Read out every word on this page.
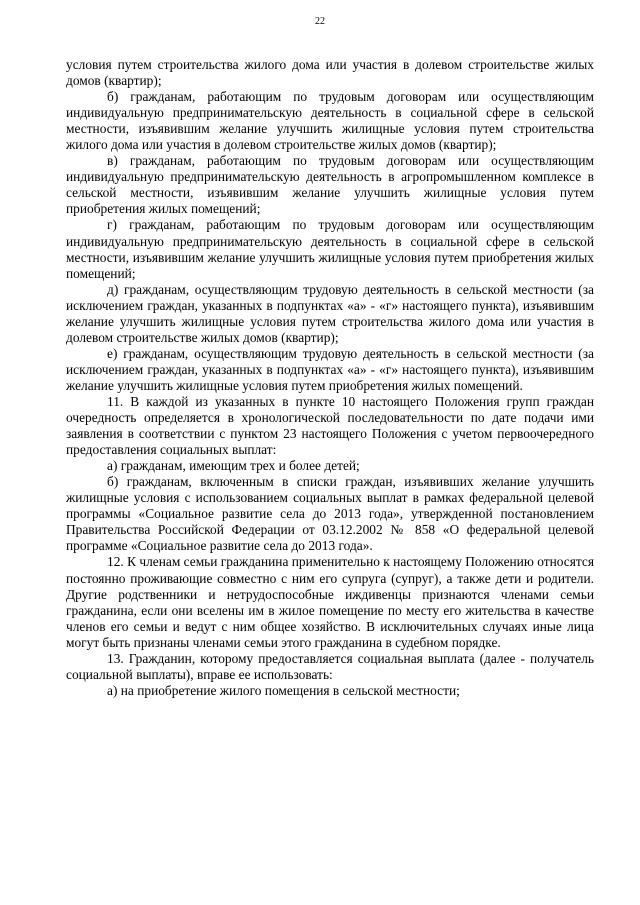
22

условия путем строительства жилого дома или участия в долевом строительстве жилых домов (квартир);

б) гражданам, работающим по трудовым договорам или осуществляющим индивидуальную предпринимательскую деятельность в социальной сфере в сельской местности, изъявившим желание улучшить жилищные условия путем строительства жилого дома или участия в долевом строительстве жилых домов (квартир);

в) гражданам, работающим по трудовым договорам или осуществляющим индивидуальную предпринимательскую деятельность в агропромышленном комплексе в сельской местности, изъявившим желание улучшить жилищные условия путем приобретения жилых помещений;

г) гражданам, работающим по трудовым договорам или осуществляющим индивидуальную предпринимательскую деятельность в социальной сфере в сельской местности, изъявившим желание улучшить жилищные условия путем приобретения жилых помещений;

д) гражданам, осуществляющим трудовую деятельность в сельской местности (за исключением граждан, указанных в подпунктах «а» - «г» настоящего пункта), изъявившим желание улучшить жилищные условия путем строительства жилого дома или участия в долевом строительстве жилых домов (квартир);

е) гражданам, осуществляющим трудовую деятельность в сельской местности (за исключением граждан, указанных в подпунктах «а» - «г» настоящего пункта), изъявившим желание улучшить жилищные условия путем приобретения жилых помещений.

11. В каждой из указанных в пункте 10 настоящего Положения групп граждан очередность определяется в хронологической последовательности по дате подачи ими заявления в соответствии с пунктом 23 настоящего Положения с учетом первоочередного предоставления социальных выплат:

а) гражданам, имеющим трех и более детей;

б) гражданам, включенным в списки граждан, изъявивших желание улучшить жилищные условия с использованием социальных выплат в рамках федеральной целевой программы «Социальное развитие села до 2013 года», утвержденной постановлением Правительства Российской Федерации от 03.12.2002 № 858 «О федеральной целевой программе «Социальное развитие села до 2013 года».

12. К членам семьи гражданина применительно к настоящему Положению относятся постоянно проживающие совместно с ним его супруга (супруг), а также дети и родители. Другие родственники и нетрудоспособные иждивенцы признаются членами семьи гражданина, если они вселены им в жилое помещение по месту его жительства в качестве членов его семьи и ведут с ним общее хозяйство. В исключительных случаях иные лица могут быть признаны членами семьи этого гражданина в судебном порядке.

13. Гражданин, которому предоставляется социальная выплата (далее - получатель социальной выплаты), вправе ее использовать:

а) на приобретение жилого помещения в сельской местности;
